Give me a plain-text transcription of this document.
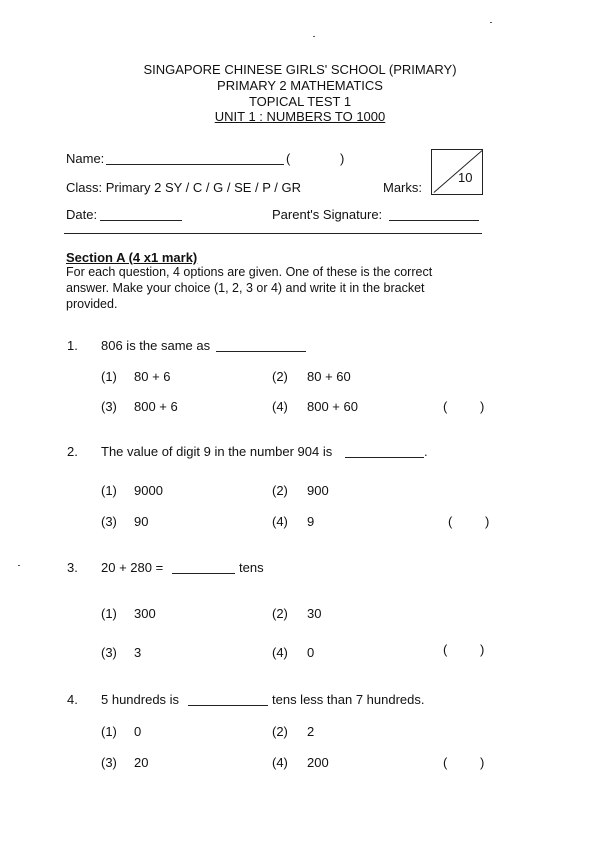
SINGAPORE CHINESE GIRLS' SCHOOL (PRIMARY)
PRIMARY 2 MATHEMATICS
TOPICAL TEST 1
UNIT 1 : NUMBERS TO 1000
Name:	(	)
Class: Primary 2 SY / C / G / SE / P / GR	Marks:
10
Date:	Parent's Signature:
Section A (4 x1 mark)
For each question, 4 options are given. One of these is the correct
answer. Make your choice (1, 2, 3 or 4) and write it in the bracket
provided.
1. 806 is the same as
(1) 80 + 6	(2) 80 + 60
(3) 800 + 6	(4) 800 + 60	(	)
2. The value of digit 9 in the number 904 is	.
(1) 9000	(2) 900
(3) 90	(4) 9	(	)
3. 20 + 280 =	tens
(1) 300	(2) 30
(3) 3	(4) 0	(	)
4. 5 hundreds is	tens less than 7 hundreds.
(1) 0	(2) 2
(3) 20	(4) 200	(	)
